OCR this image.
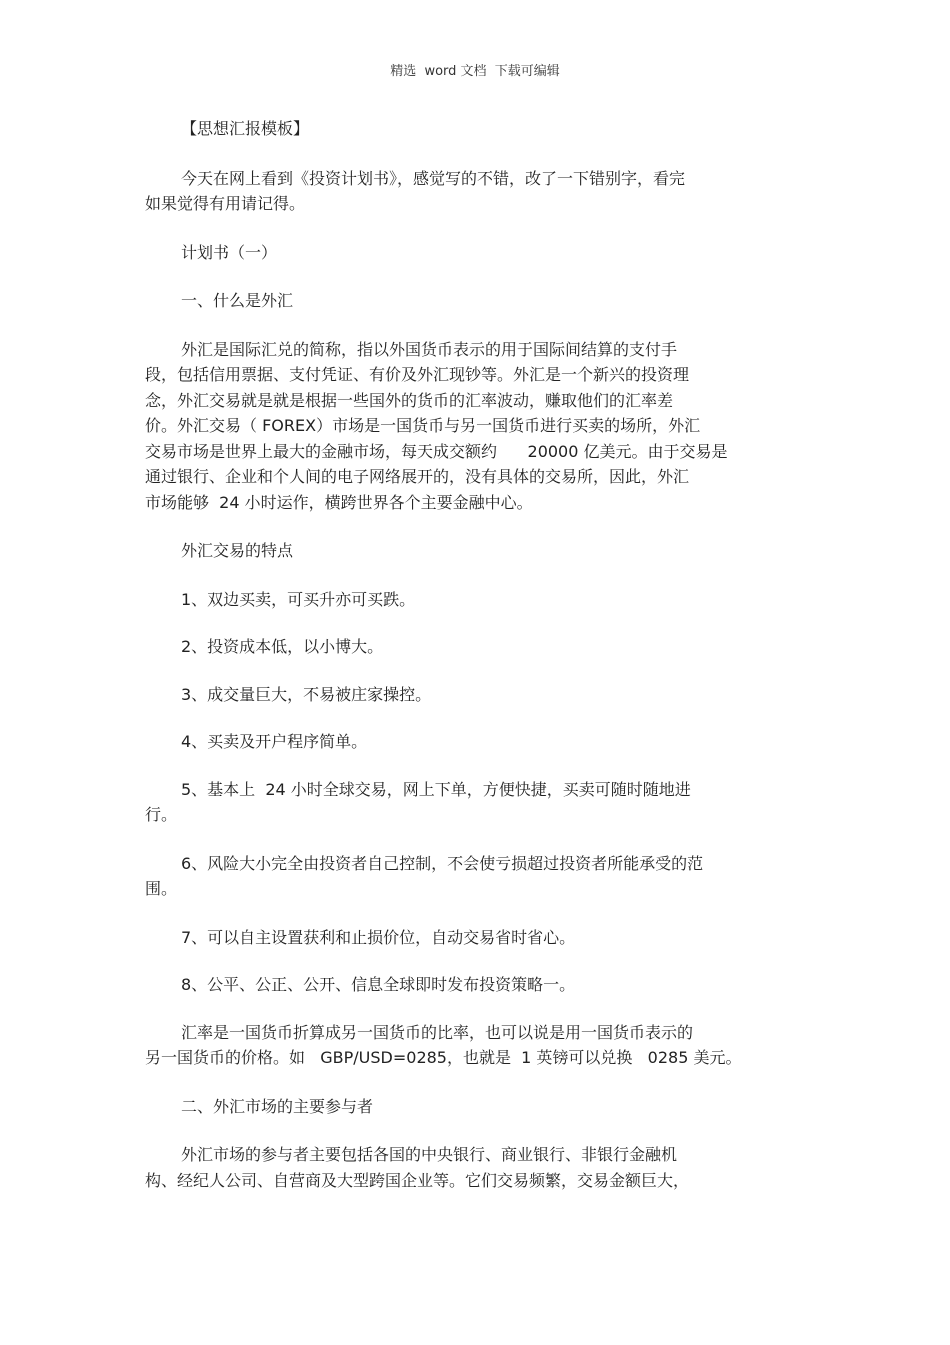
精选  word 文档  下载可编辑

【思想汇报模板】

今天在网上看到《投资计划书》，感觉写的不错，改了一下错别字，看完

如果觉得有用请记得。

计划书（一）

一、什么是外汇

外汇是国际汇兑的简称，指以外国货币表示的用于国际间结算的支付手

段，包括信用票据、支付凭证、有价及外汇现钞等。外汇是一个新兴的投资理

念，外汇交易就是就是根据一些国外的货币的汇率波动，赚取他们的汇率差

价。外汇交易（ FOREX）市场是一国货币与另一国货币进行买卖的场所，外汇

交易市场是世界上最大的金融市场，每天成交额约      20000 亿美元。由于交易是

通过银行、企业和个人间的电子网络展开的，没有具体的交易所，因此，外汇

市场能够  24 小时运作，横跨世界各个主要金融中心。

外汇交易的特点

1、双边买卖，可买升亦可买跌。

2、投资成本低，以小博大。

3、成交量巨大，不易被庄家操控。

4、买卖及开户程序简单。

5、基本上  24 小时全球交易，网上下单，方便快捷，买卖可随时随地进

行。

6、风险大小完全由投资者自己控制，不会使亏损超过投资者所能承受的范

围。

7、可以自主设置获利和止损价位，自动交易省时省心。

8、公平、公正、公开、信息全球即时发布投资策略一。

汇率是一国货币折算成另一国货币的比率，也可以说是用一国货币表示的

另一国货币的价格。如   GBP/USD=0285，也就是  1 英镑可以兑换   0285 美元。

二、外汇市场的主要参与者

外汇市场的参与者主要包括各国的中央银行、商业银行、非银行金融机

构、经纪人公司、自营商及大型跨国企业等。它们交易频繁，交易金额巨大，
